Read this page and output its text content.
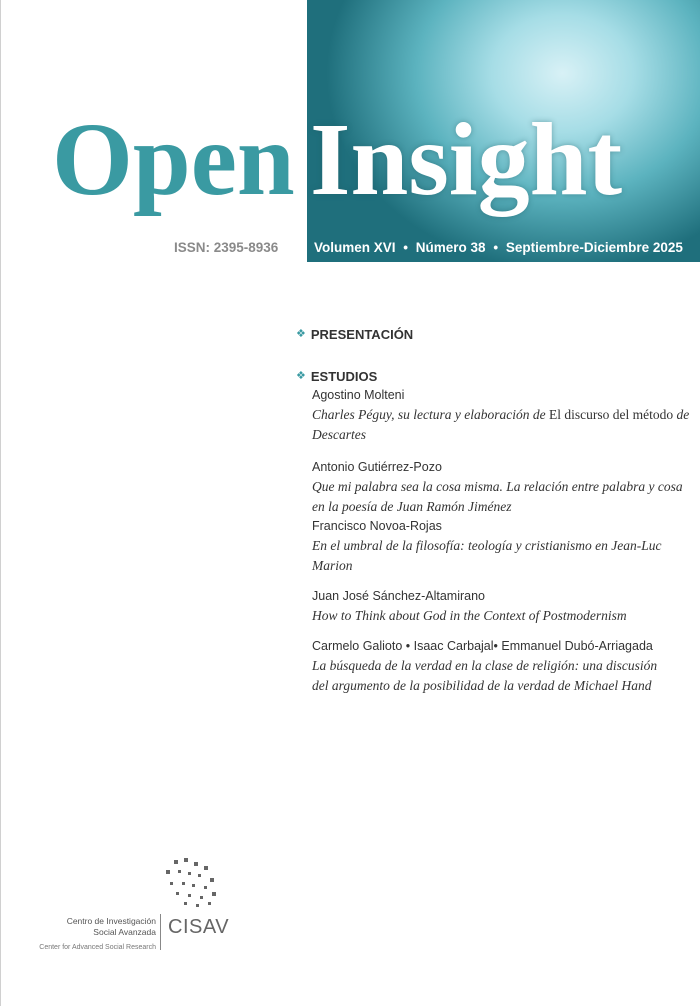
Open Insight
ISSN: 2395-8936	Volumen XVI • Número 38 • Septiembre-Diciembre 2025
❖ PRESENTACIÓN
❖ ESTUDIOS

Agostino Molteni

Charles Péguy, su lectura y elaboración de El discurso del método de Descartes

Antonio Gutiérrez-Pozo

Que mi palabra sea la cosa misma. La relación entre palabra y cosa en la poesía de Juan Ramón Jiménez

Francisco Novoa-Rojas

En el umbral de la filosofía: teología y cristianismo en Jean-Luc Marion

Juan José Sánchez-Altamirano

How to Think about God in the Context of Postmodernism

Carmelo Galioto • Isaac Carbajal• Emmanuel Dubó-Arriagada

La búsqueda de la verdad en la clase de religión: una discusión del argumento de la posibilidad de la verdad de Michael Hand

Centro de Investigación
Social Avanzada CISAV
Center for Advanced Social Research
